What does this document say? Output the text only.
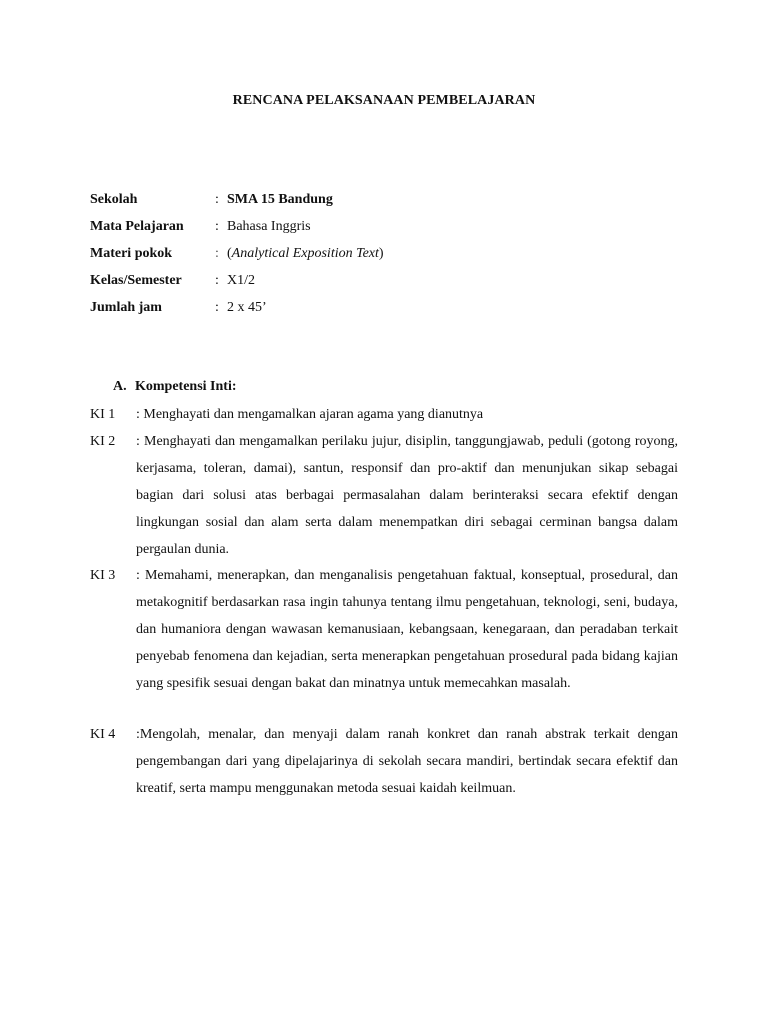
RENCANA PELAKSANAAN PEMBELAJARAN
Sekolah	: SMA 15 Bandung
Mata Pelajaran	: Bahasa Inggris
Materi pokok	: (Analytical Exposition Text)
Kelas/Semester	: X1/2
Jumlah jam	: 2 x 45’
A. Kompetensi Inti:
KI 1	: Menghayati dan mengamalkan ajaran agama yang dianutnya
KI 2	: Menghayati dan mengamalkan perilaku jujur, disiplin, tanggungjawab, peduli (gotong royong, kerjasama, toleran, damai), santun, responsif dan pro-aktif dan menunjukan sikap sebagai bagian dari solusi atas berbagai permasalahan dalam berinteraksi secara efektif dengan lingkungan sosial dan alam serta dalam menempatkan diri sebagai cerminan bangsa dalam pergaulan dunia.
KI 3	: Memahami, menerapkan, dan menganalisis pengetahuan faktual, konseptual, prosedural, dan metakognitif berdasarkan rasa ingin tahunya tentang ilmu pengetahuan, teknologi, seni, budaya, dan humaniora dengan wawasan kemanusiaan, kebangsaan, kenegaraan, dan peradaban terkait penyebab fenomena dan kejadian, serta menerapkan pengetahuan prosedural pada bidang kajian yang spesifik sesuai dengan bakat dan minatnya untuk memecahkan masalah.
KI 4	:Mengolah, menalar, dan menyaji dalam ranah konkret dan ranah abstrak terkait dengan pengembangan dari yang dipelajarinya di sekolah secara mandiri, bertindak secara efektif dan kreatif, serta mampu menggunakan metoda sesuai kaidah keilmuan.
